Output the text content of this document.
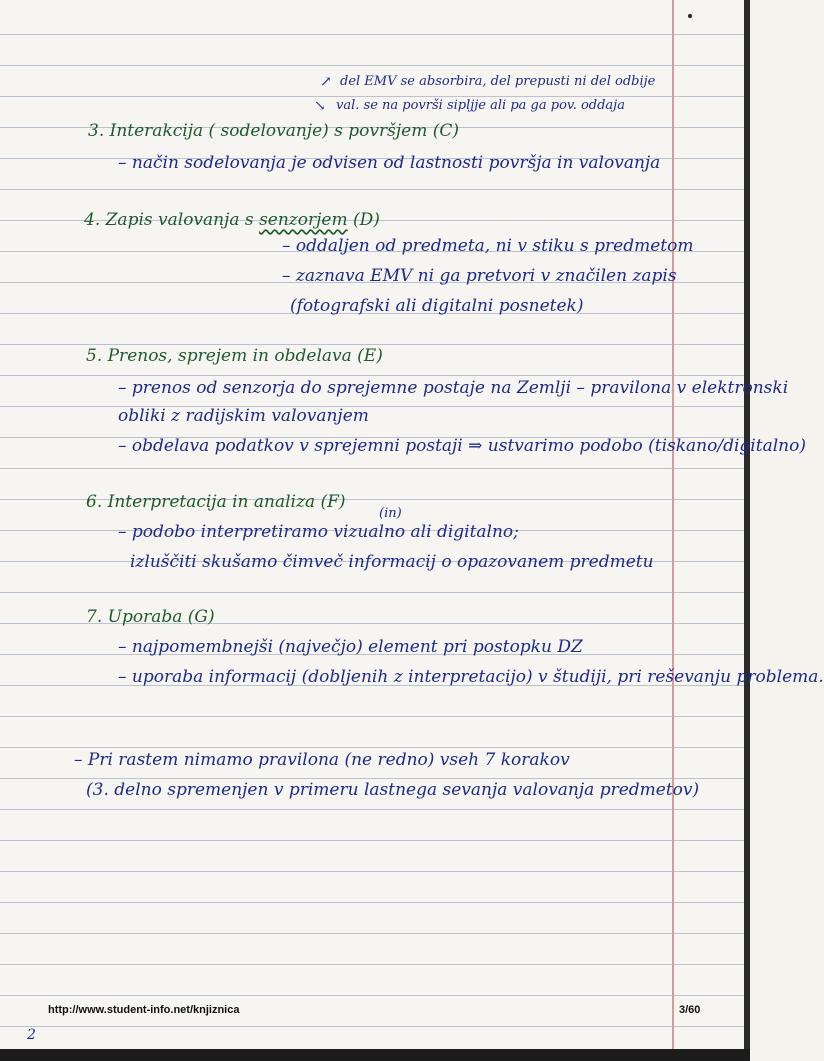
↗ del EMV se absorbira, del prepusti ni del odbije
↘ val. se na površi sipljje ali pa ga pov. oddaja
3. Interakcija ( sodelovanje) s površjem (C)
– način sodelovanja je odvisen od lastnosti površja in valovanja
4. Zapis valovanja s senzorjem (D)
– oddaljen od predmeta, ni v stiku s predmetom
– zaznava EMV ni ga pretvori v značilen zapis
(fotografski ali digitalni posnetek)
5. Prenos, sprejem in obdelava (E)
– prenos od senzorja do sprejemne postaje na Zemlji – pravilona v elektronski
obliki z radijskim valovanjem
– obdelava podatkov v sprejemni postaji ⇒ ustvarimo podobo (tiskano/digitalno)
6. Interpretacija in analiza (F)
(in)
– podobo interpretiramo vizualno ali digitalno;
izluščiti skušamo čimveč informacij o opazovanem predmetu
7. Uporaba (G)
– najpomembnejši (največjo) element pri postopku DZ
– uporaba informacij (dobljenih z interpretacijo) v študiji, pri reševanju problema.
– Pri rastem nimamo pravilona (ne redno) vseh 7 korakov
(3. delno spremenjen v primeru lastnega sevanja valovanja predmetov)
http://www.student-info.net/knjiznica	3/60
2
